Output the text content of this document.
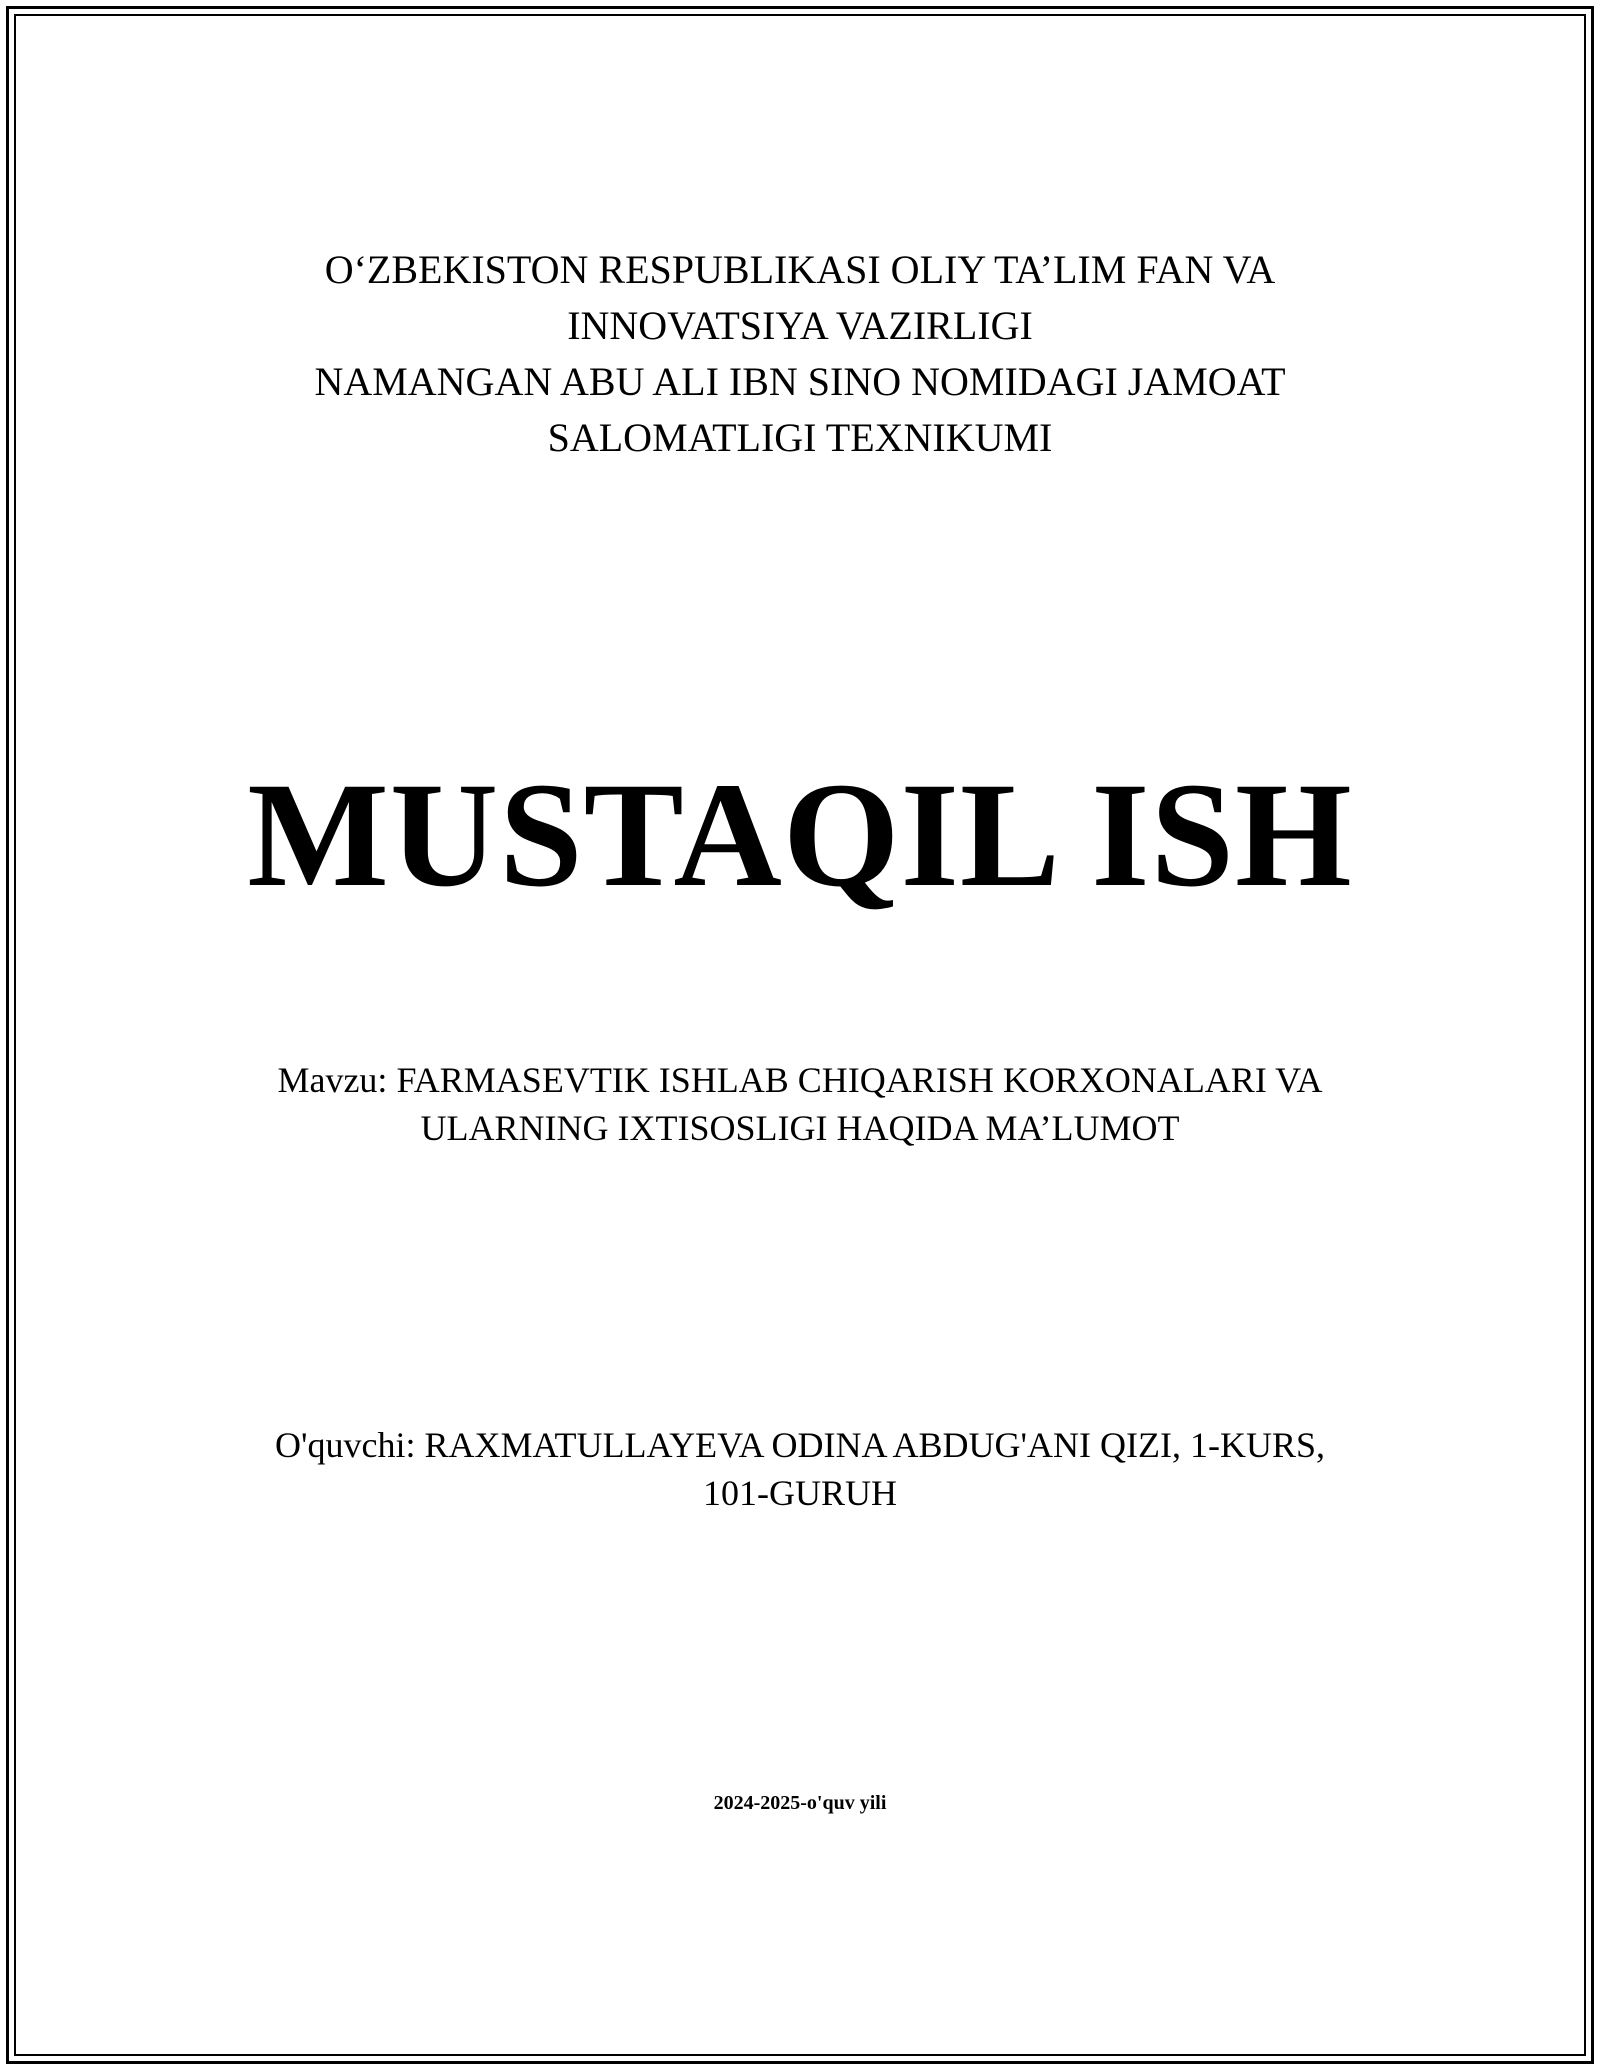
O‘ZBEKISTON RESPUBLIKASI OLIY TA’LIM FAN VA
INNOVATSIYA VAZIRLIGI
NAMANGAN ABU ALI IBN SINO NOMIDAGI JAMOAT
SALOMATLIGI TEXNIKUMI
MUSTAQIL ISH
Mavzu: FARMASEVTIK ISHLAB CHIQARISH KORXONALARI VA
ULARNING IXTISOSLIGI HAQIDA MA’LUMOT
O'quvchi: RAXMATULLAYEVA ODINA ABDUG'ANI QIZI, 1-KURS,
101-GURUH
2024-2025-o'quv yili
